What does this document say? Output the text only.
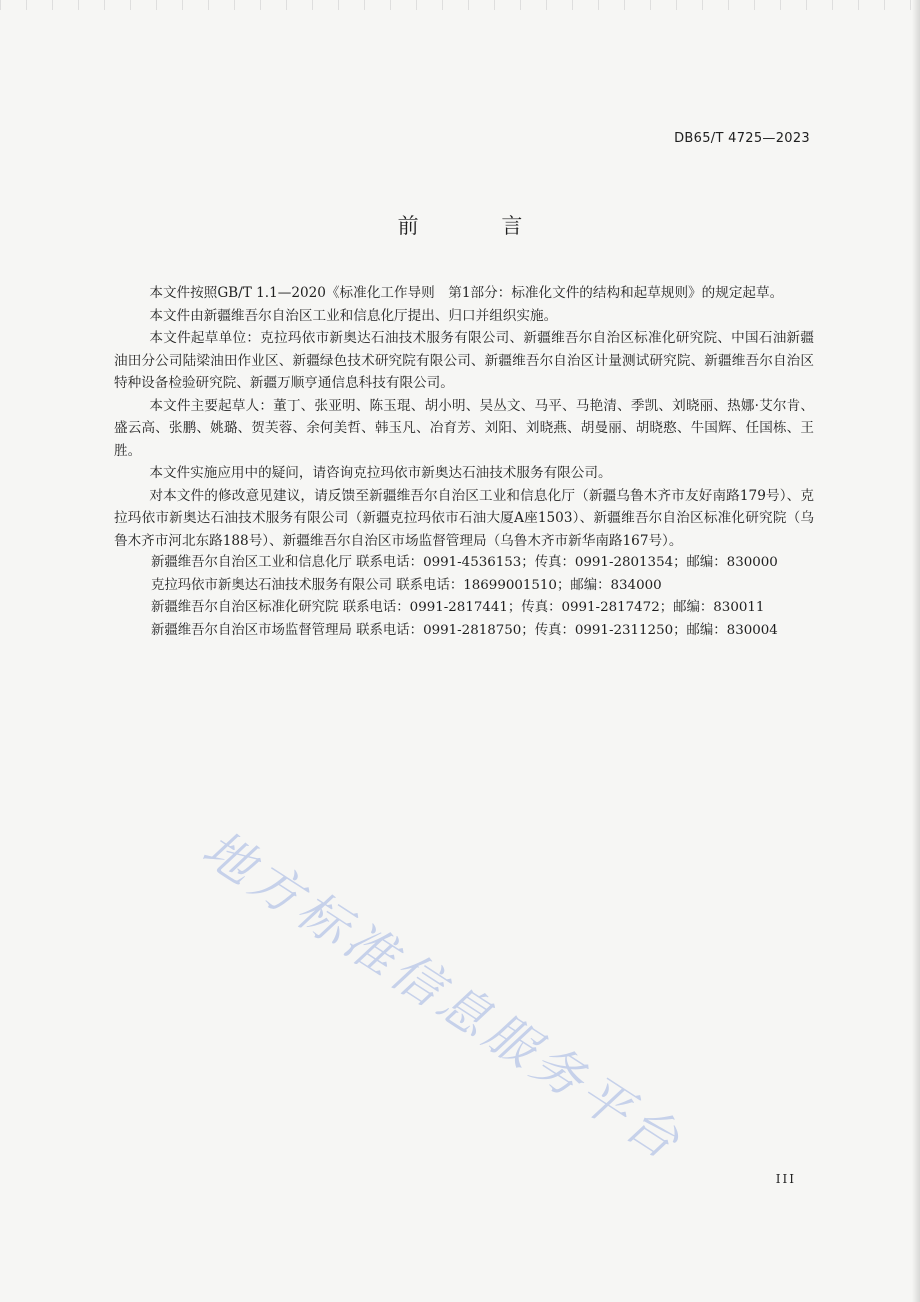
DB65/T 4725—2023
前 言

本文件按照GB/T 1.1—2020《标准化工作导则　第1部分：标准化文件的结构和起草规则》的规定起草。

本文件由新疆维吾尔自治区工业和信息化厅提出、归口并组织实施。

本文件起草单位：克拉玛依市新奥达石油技术服务有限公司、新疆维吾尔自治区标准化研究院、中国石油新疆油田分公司陆梁油田作业区、新疆绿色技术研究院有限公司、新疆维吾尔自治区计量测试研究院、新疆维吾尔自治区特种设备检验研究院、新疆万顺亨通信息科技有限公司。

本文件主要起草人：董丁、张亚明、陈玉琨、胡小明、吴丛文、马平、马艳清、季凯、刘晓丽、热娜·艾尔肯、盛云高、张鹏、姚璐、贺芙蓉、余何美哲、韩玉凡、冶育芳、刘阳、刘晓燕、胡曼丽、胡晓憨、牛国辉、任国栋、王胜。

本文件实施应用中的疑问，请咨询克拉玛依市新奥达石油技术服务有限公司。

对本文件的修改意见建议，请反馈至新疆维吾尔自治区工业和信息化厅（新疆乌鲁木齐市友好南路179号）、克拉玛依市新奥达石油技术服务有限公司（新疆克拉玛依市石油大厦A座1503）、新疆维吾尔自治区标准化研究院（乌鲁木齐市河北东路188号）、新疆维吾尔自治区市场监督管理局（乌鲁木齐市新华南路167号）。

新疆维吾尔自治区工业和信息化厅 联系电话：0991-4536153；传真：0991-2801354；邮编：830000
克拉玛依市新奥达石油技术服务有限公司 联系电话：18699001510；邮编：834000
新疆维吾尔自治区标准化研究院 联系电话：0991-2817441；传真：0991-2817472；邮编：830011
新疆维吾尔自治区市场监督管理局 联系电话：0991-2818750；传真：0991-2311250；邮编：830004
地方标准信息服务平台
III
